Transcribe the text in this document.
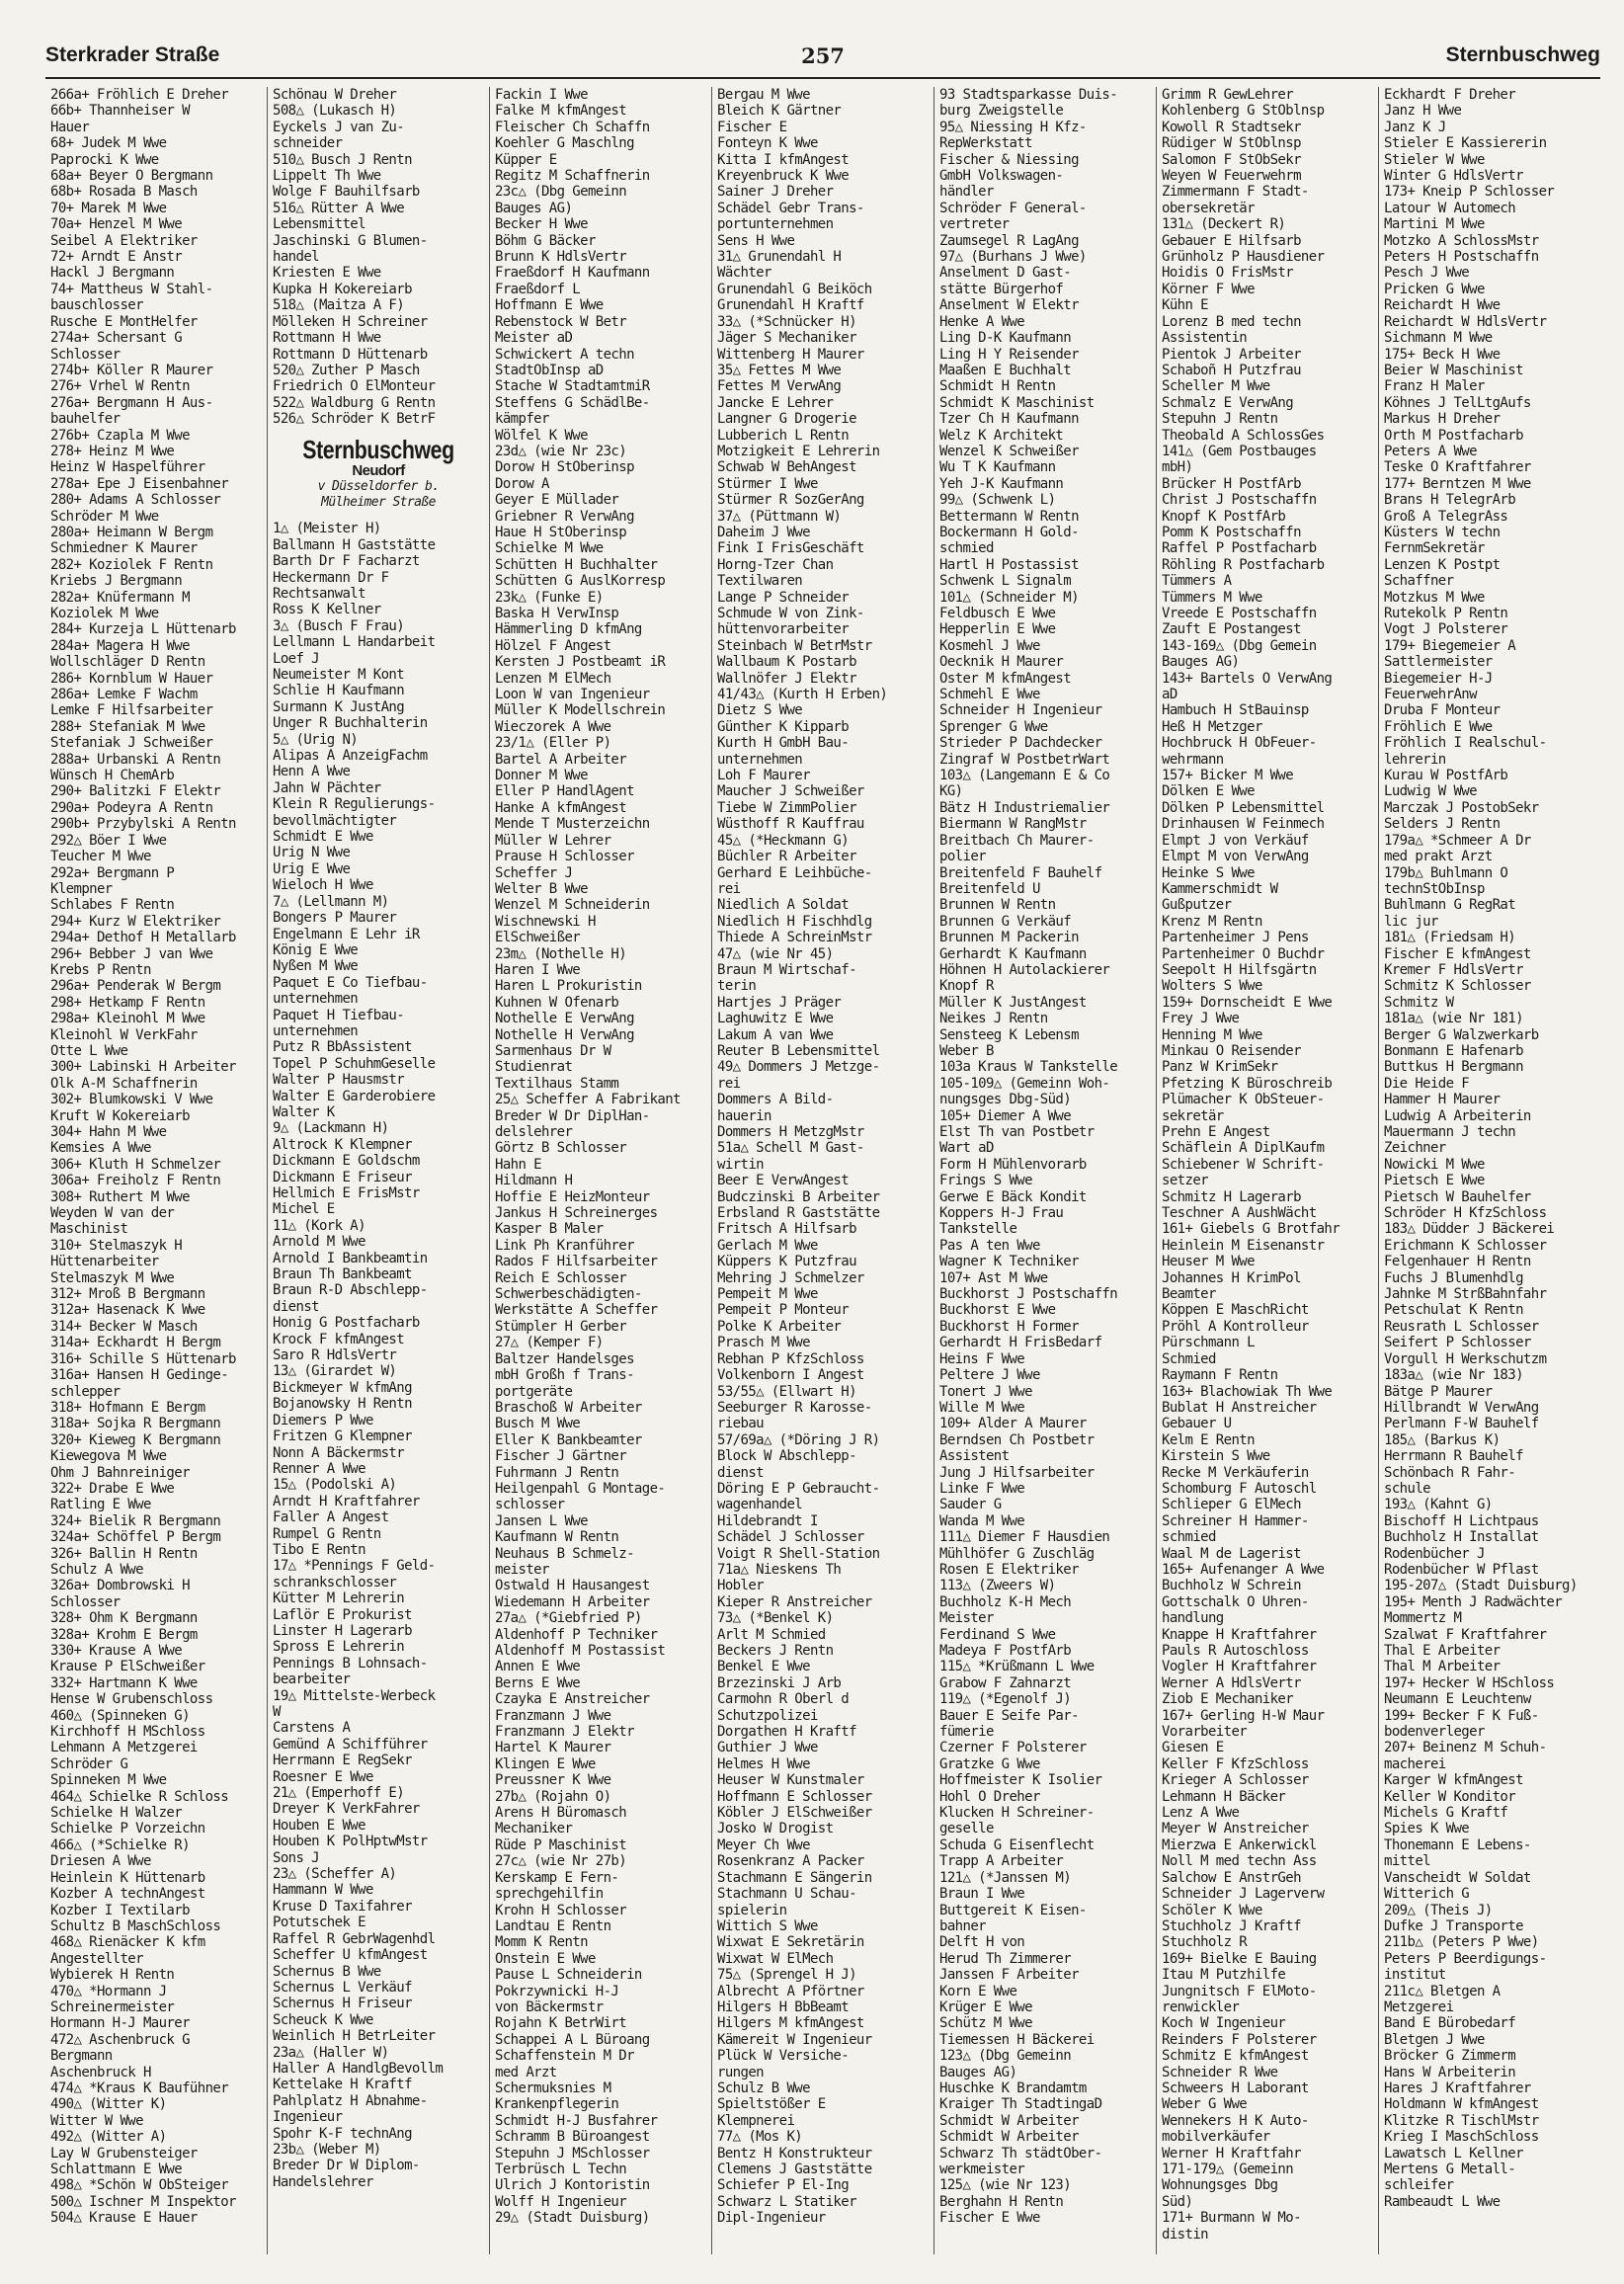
Sterkrader Straße	257	Sternbuschweg
266a+ Fröhlich E Dreher
66b+ Thannheiser W
Hauer
68+ Judek M Wwe
Paprocki K Wwe
68a+ Beyer O Bergmann
68b+ Rosada B Masch
70+ Marek M Wwe
70a+ Henzel M Wwe
Seibel A Elektriker
72+ Arndt E Anstr
Hackl J Bergmann
74+ Mattheus W Stahl-
bauschlosser
Rusche E MontHelfer
274a+ Schersant G
Schlosser
274b+ Köller R Maurer
276+ Vrhel W Rentn
276a+ Bergmann H Aus-
bauhelfer
276b+ Czapla M Wwe
278+ Heinz M Wwe
Heinz W Haspelführer
278a+ Epe J Eisenbahner
280+ Adams A Schlosser
Schröder M Wwe
280a+ Heimann W Bergm
Schmiedner K Maurer
282+ Koziolek F Rentn
Kriebs J Bergmann
282a+ Knüfermann M
Koziolek M Wwe
284+ Kurzeja L Hüttenarb
284a+ Magera H Wwe
Wollschläger D Rentn
286+ Kornblum W Hauer
286a+ Lemke F Wachm
Lemke F Hilfsarbeiter
288+ Stefaniak M Wwe
Stefaniak J Schweißer
288a+ Urbanski A Rentn
Wünsch H ChemArb
290+ Balitzki F Elektr
290a+ Podeyra A Rentn
290b+ Przybylski A Rentn
292△ Böer I Wwe
Teucher M Wwe
292a+ Bergmann P
Klempner
Schlabes F Rentn
294+ Kurz W Elektriker
294a+ Dethof H Metallarb
296+ Bebber J van Wwe
Krebs P Rentn
296a+ Penderak W Bergm
298+ Hetkamp F Rentn
298a+ Kleinohl M Wwe
Kleinohl W VerkFahr
Otte L Wwe
300+ Labinski H Arbeiter
Olk A-M Schaffnerin
302+ Blumkowski V Wwe
Kruft W Kokereiarb
304+ Hahn M Wwe
Kemsies A Wwe
306+ Kluth H Schmelzer
306a+ Freiholz F Rentn
308+ Ruthert M Wwe
Weyden W van der
Maschinist
310+ Stelmaszyk H
Hüttenarbeiter
Stelmaszyk M Wwe
312+ Mroß B Bergmann
312a+ Hasenack K Wwe
314+ Becker W Masch
314a+ Eckhardt H Bergm
316+ Schille S Hüttenarb
316a+ Hansen H Gedinge-
schlepper
318+ Hofmann E Bergm
318a+ Sojka R Bergmann
320+ Kieweg K Bergmann
Kiewegova M Wwe
Ohm J Bahnreiniger
322+ Drabe E Wwe
Ratling E Wwe
324+ Bielik R Bergmann
324a+ Schöffel P Bergm
326+ Ballin H Rentn
Schulz A Wwe
326a+ Dombrowski H
Schlosser
328+ Ohm K Bergmann
328a+ Krohm E Bergm
330+ Krause A Wwe
Krause P ElSchweißer
332+ Hartmann K Wwe
Hense W Grubenschloss
460△ (Spinneken G)
Kirchhoff H MSchloss
Lehmann A Metzgerei
Schröder G
Spinneken M Wwe
464△ Schielke R Schloss
Schielke H Walzer
Schielke P Vorzeichn
466△ (*Schielke R)
Driesen A Wwe
Heinlein K Hüttenarb
Kozber A technAngest
Kozber I Textilarb
Schultz B MaschSchloss
468△ Rienäcker K kfm
Angestellter
Wybierek H Rentn
470△ *Hormann J
Schreinermeister
Hormann H-J Maurer
472△ Aschenbruck G
Bergmann
Aschenbruck H
474△ *Kraus K Baufühner
490△ (Witter K)
Witter W Wwe
492△ (Witter A)
Lay W Grubensteiger
Schlattmann E Wwe
498△ *Schön W ObSteiger
500△ Ischner M Inspektor
504△ Krause E Hauer
Schönau W Dreher
508△ (Lukasch H)
Eyckels J van Zu-
schneider
510△ Busch J Rentn
Lippelt Th Wwe
Wolge F Bauhilfsarb
516△ Rütter A Wwe
Lebensmittel
Jaschinski G Blumen-
handel
Kriesten E Wwe
Kupka H Kokereiarb
518△ (Maitza A F)
Mölleken H Schreiner
Rottmann H Wwe
Rottmann D Hüttenarb
520△ Zuther P Masch
Friedrich O ElMonteur
522△ Waldburg G Rentn
526△ Schröder K BetrF
Sternbuschweg
Neudorf
v Düsseldorfer b.
Mülheimer Straße
1△ (Meister H)
Ballmann H Gaststätte
Barth Dr F Facharzt
Heckermann Dr F
Rechtsanwalt
Ross K Kellner
3△ (Busch F Frau)
Lellmann L Handarbeit
Loef J
Neumeister M Kont
Schlie H Kaufmann
Surmann K JustAng
Unger R Buchhalterin
5△ (Urig N)
Alipas A AnzeigFachm
Henn A Wwe
Jahn W Pächter
Klein R Regulierungs-
bevollmächtigter
Schmidt E Wwe
Urig N Wwe
Urig E Wwe
Wieloch H Wwe
7△ (Lellmann M)
Bongers P Maurer
Engelmann E Lehr iR
König E Wwe
Nyßen M Wwe
Paquet E Co Tiefbau-
unternehmen
Paquet H Tiefbau-
unternehmen
Putz R BbAssistent
Topel P SchuhmGeselle
Walter P Hausmstr
Walter E Garderobiere
Walter K
9△ (Lackmann H)
Altrock K Klempner
Dickmann E Goldschm
Dickmann E Friseur
Hellmich E FrisMstr
Michel E
11△ (Kork A)
Arnold M Wwe
Arnold I Bankbeamtin
Braun Th Bankbeamt
Braun R-D Abschlepp-
dienst
Honig G Postfacharb
Krock F kfmAngest
Saro R HdlsVertr
13△ (Girardet W)
Bickmeyer W kfmAng
Bojanowsky H Rentn
Diemers P Wwe
Fritzen G Klempner
Nonn A Bäckermstr
Renner A Wwe
15△ (Podolski A)
Arndt H Kraftfahrer
Faller A Angest
Rumpel G Rentn
Tibo E Rentn
17△ *Pennings F Geld-
schrankschlosser
Kütter M Lehrerin
Laflör E Prokurist
Linster H Lagerarb
Spross E Lehrerin
Pennings B Lohnsach-
bearbeiter
19△ Mittelste-Werbeck
W
Carstens A
Gemünd A Schifführer
Herrmann E RegSekr
Roesner E Wwe
21△ (Emperhoff E)
Dreyer K VerkFahrer
Houben E Wwe
Houben K PolHptwMstr
Sons J
23△ (Scheffer A)
Hammann W Wwe
Kruse D Taxifahrer
Potutschek E
Raffel R GebrWagenhdl
Scheffer U kfmAngest
Schernus B Wwe
Schernus L Verkäuf
Schernus H Friseur
Scheuck K Wwe
Weinlich H BetrLeiter
23a△ (Haller W)
Haller A HandlgBevollm
Kettelake H Kraftf
Pahlplatz H Abnahme-
Ingenieur
Spohr K-F technAng
23b△ (Weber M)
Breder Dr W Diplom-
Handelslehrer
Fackin I Wwe
Falke M kfmAngest
Fleischer Ch Schaffn
Koehler G Maschlng
Küpper E
Regitz M Schaffnerin
23c△ (Dbg Gemeinn
Bauges AG)
Becker H Wwe
Böhm G Bäcker
Brunn K HdlsVertr
Fraeßdorf H Kaufmann
Fraeßdorf L
Hoffmann E Wwe
Rebenstock W Betr
Meister aD
Schwickert A techn
StadtObInsp aD
Stache W StadtamtmiR
Steffens G SchädlBe-
kämpfer
Wölfel K Wwe
23d△ (wie Nr 23c)
Dorow H StOberinsp
Dorow A
Geyer E Müllader
Griebner R VerwAng
Haue H StOberinsp
Schielke M Wwe
Schütten H Buchhalter
Schütten G AuslKorresp
23k△ (Funke E)
Baska H VerwInsp
Hämmerling D kfmAng
Hölzel F Angest
Kersten J Postbeamt iR
Lenzen M ElMech
Loon W van Ingenieur
Müller K Modellschrein
Wieczorek A Wwe
23/1△ (Eller P)
Bartel A Arbeiter
Donner M Wwe
Eller P HandlAgent
Hanke A kfmAngest
Mende T Musterzeichn
Müller W Lehrer
Prause H Schlosser
Scheffer J
Welter B Wwe
Wenzel M Schneiderin
Wischnewski H
ElSchweißer
23m△ (Nothelle H)
Haren I Wwe
Haren L Prokuristin
Kuhnen W Ofenarb
Nothelle E VerwAng
Nothelle H VerwAng
Sarmenhaus Dr W
Studienrat
Textilhaus Stamm
25△ Scheffer A Fabrikant
Breder W Dr DiplHan-
delslehrer
Görtz B Schlosser
Hahn E
Hildmann H
Hoffie E HeizMonteur
Jankus H Schreinerges
Kasper B Maler
Link Ph Kranführer
Rados F Hilfsarbeiter
Reich E Schlosser
Schwerbeschädigten-
Werkstätte A Scheffer
Stümpler H Gerber
27△ (Kemper F)
Baltzer Handelsges
mbH Großh f Trans-
portgeräte
Braschoß W Arbeiter
Busch M Wwe
Eller K Bankbeamter
Fischer J Gärtner
Fuhrmann J Rentn
Heilgenpahl G Montage-
schlosser
Jansen L Wwe
Kaufmann W Rentn
Neuhaus B Schmelz-
meister
Ostwald H Hausangest
Wiedemann H Arbeiter
27a△ (*Giebfried P)
Aldenhoff P Techniker
Aldenhoff M Postassist
Annen E Wwe
Berns E Wwe
Czayka E Anstreicher
Franzmann J Wwe
Franzmann J Elektr
Hartel K Maurer
Klingen E Wwe
Preussner K Wwe
27b△ (Rojahn O)
Arens H Büromasch
Mechaniker
Rüde P Maschinist
27c△ (wie Nr 27b)
Kerskamp E Fern-
sprechgehilfin
Krohn H Schlosser
Landtau E Rentn
Momm K Rentn
Onstein E Wwe
Pause L Schneiderin
Pokrzywnicki H-J
von Bäckermstr
Rojahn K BetrWirt
Schappei A L Büroang
Schaffenstein M Dr
med Arzt
Schermuksnies M
Krankenpflegerin
Schmidt H-J Busfahrer
Schramm B Büroangest
Stepuhn J MSchlosser
Terbrüsch L Techn
Ulrich J Kontoristin
Wolff H Ingenieur
29△ (Stadt Duisburg)
Bergau M Wwe
Bleich K Gärtner
Fischer E
Fonteyn K Wwe
Kitta I kfmAngest
Kreyenbruck K Wwe
Sainer J Dreher
Schädel Gebr Trans-
portunternehmen
Sens H Wwe
31△ Grunendahl H
Wächter
Grunendahl G Beiköch
Grunendahl H Kraftf
33△ (*Schnücker H)
Jäger S Mechaniker
Wittenberg H Maurer
35△ Fettes M Wwe
Fettes M VerwAng
Jancke E Lehrer
Langner G Drogerie
Lubberich L Rentn
Motzigkeit E Lehrerin
Schwab W BehAngest
Stürmer I Wwe
Stürmer R SozGerAng
37△ (Püttmann W)
Daheim J Wwe
Fink I FrisGeschäft
Horng-Tzer Chan
Textilwaren
Lange P Schneider
Schmude W von Zink-
hüttenvorarbeiter
Steinbach W BetrMstr
Wallbaum K Postarb
Wallnöfer J Elektr
41/43△ (Kurth H Erben)
Dietz S Wwe
Günther K Kipparb
Kurth H GmbH Bau-
unternehmen
Loh F Maurer
Maucher J Schweißer
Tiebe W ZimmPolier
Wüsthoff R Kauffrau
45△ (*Heckmann G)
Büchler R Arbeiter
Gerhard E Leihbüche-
rei
Niedlich A Soldat
Niedlich H Fischhdlg
Thiede A SchreinMstr
47△ (wie Nr 45)
Braun M Wirtschaf-
terin
Hartjes J Präger
Laghuwitz E Wwe
Lakum A van Wwe
Reuter B Lebensmittel
49△ Dommers J Metzge-
rei
Dommers A Bild-
hauerin
Dommers H MetzgMstr
51a△ Schell M Gast-
wirtin
Beer E VerwAngest
Budczinski B Arbeiter
Erbsland R Gaststätte
Fritsch A Hilfsarb
Gerlach M Wwe
Küppers K Putzfrau
Mehring J Schmelzer
Pempeit M Wwe
Pempeit P Monteur
Polke K Arbeiter
Prasch M Wwe
Rebhan P KfzSchloss
Volkenborn I Angest
53/55△ (Ellwart H)
Seeburger R Karosse-
riebau
57/69a△ (*Döring J R)
Block W Abschlepp-
dienst
Döring E P Gebraucht-
wagenhandel
Hildebrandt I
Schädel J Schlosser
Voigt R Shell-Station
71a△ Nieskens Th
Hobler
Kieper R Anstreicher
73△ (*Benkel K)
Arlt M Schmied
Beckers J Rentn
Benkel E Wwe
Brzezinski J Arb
Carmohn R Oberl d
Schutzpolizei
Dorgathen H Kraftf
Guthier J Wwe
Helmes H Wwe
Heuser W Kunstmaler
Hoffmann E Schlosser
Köbler J ElSchweißer
Josko W Drogist
Meyer Ch Wwe
Rosenkranz A Packer
Stachmann E Sängerin
Stachmann U Schau-
spielerin
Wittich S Wwe
Wixwat E Sekretärin
Wixwat W ElMech
75△ (Sprengel H J)
Albrecht A Pförtner
Hilgers H BbBeamt
Hilgers M kfmAngest
Kämereit W Ingenieur
Plück W Versiche-
rungen
Schulz B Wwe
Spieltstößer E
Klempnerei
77△ (Mos K)
Bentz H Konstrukteur
Clemens J Gaststätte
Schiefer P El-Ing
Schwarz L Statiker
Dipl-Ingenieur
93 Stadtsparkasse Duis-
burg Zweigstelle
95△ Niessing H Kfz-
RepWerkstatt
Fischer & Niessing
GmbH Volkswagen-
händler
Schröder F General-
vertreter
Zaumsegel R LagAng
97△ (Burhans J Wwe)
Anselment D Gast-
stätte Bürgerhof
Anselment W Elektr
Henke A Wwe
Ling D-K Kaufmann
Ling H Y Reisender
Maaßen E Buchhalt
Schmidt H Rentn
Schmidt K Maschinist
Tzer Ch H Kaufmann
Welz K Architekt
Wenzel K Schweißer
Wu T K Kaufmann
Yeh J-K Kaufmann
99△ (Schwenk L)
Bettermann W Rentn
Bockermann H Gold-
schmied
Hartl H Postassist
Schwenk L Signalm
101△ (Schneider M)
Feldbusch E Wwe
Hepperlin E Wwe
Kosmehl J Wwe
Oecknik H Maurer
Oster M kfmAngest
Schmehl E Wwe
Schneider H Ingenieur
Sprenger G Wwe
Strieder P Dachdecker
Zingraf W PostbetrWart
103△ (Langemann E & Co
KG)
Bätz H Industriemalier
Biermann W RangMstr
Breitbach Ch Maurer-
polier
Breitenfeld F Bauhelf
Breitenfeld U
Brunnen W Rentn
Brunnen G Verkäuf
Brunnen M Packerin
Gerhardt K Kaufmann
Höhnen H Autolackierer
Knopf R
Müller K JustAngest
Neikes J Rentn
Sensteeg K Lebensm
Weber B
103a Kraus W Tankstelle
105-109△ (Gemeinn Woh-
nungsges Dbg-Süd)
105+ Diemer A Wwe
Elst Th van Postbetr
Wart aD
Form H Mühlenvorarb
Frings S Wwe
Gerwe E Bäck Kondit
Koppers H-J Frau
Tankstelle
Pas A ten Wwe
Wagner K Techniker
107+ Ast M Wwe
Buckhorst J Postschaffn
Buckhorst E Wwe
Buckhorst H Former
Gerhardt H FrisBedarf
Heins F Wwe
Peltere J Wwe
Tonert J Wwe
Wille M Wwe
109+ Alder A Maurer
Berndsen Ch Postbetr
Assistent
Jung J Hilfsarbeiter
Linke F Wwe
Sauder G
Wanda M Wwe
111△ Diemer F Hausdien
Mühlhöfer G Zuschläg
Rosen E Elektriker
113△ (Zweers W)
Buchholz K-H Mech
Meister
Ferdinand S Wwe
Madeya F PostfArb
115△ *Krüßmann L Wwe
Grabow F Zahnarzt
119△ (*Egenolf J)
Bauer E Seife Par-
fümerie
Czerner F Polsterer
Gratzke G Wwe
Hoffmeister K Isolier
Hohl O Dreher
Klucken H Schreiner-
geselle
Schuda G Eisenflecht
Trapp A Arbeiter
121△ (*Janssen M)
Braun I Wwe
Buttgereit K Eisen-
bahner
Delft H von
Herud Th Zimmerer
Janssen F Arbeiter
Korn E Wwe
Krüger E Wwe
Schütz M Wwe
Tiemessen H Bäckerei
123△ (Dbg Gemeinn
Bauges AG)
Huschke K Brandamtm
Kraiger Th StadtingaD
Schmidt W Arbeiter
Schmidt W Arbeiter
Schwarz Th städtOber-
werkmeister
125△ (wie Nr 123)
Berghahn H Rentn
Fischer E Wwe
Grimm R GewLehrer
Kohlenberg G StOblnsp
Kowoll R Stadtsekr
Rüdiger W StOblnsp
Salomon F StObSekr
Weyen W Feuerwehrm
Zimmermann F Stadt-
obersekretär
131△ (Deckert R)
Gebauer E Hilfsarb
Grünholz P Hausdiener
Hoidis O FrisMstr
Körner F Wwe
Kühn E
Lorenz B med techn
Assistentin
Pientok J Arbeiter
Schaboñ H Putzfrau
Scheller M Wwe
Schmalz E VerwAng
Stepuhn J Rentn
Theobald A SchlossGes
141△ (Gem Postbauges
mbH)
Brücker H PostfArb
Christ J Postschaffn
Knopf K PostfArb
Pomm K Postschaffn
Raffel P Postfacharb
Röhling R Postfacharb
Tümmers A
Tümmers M Wwe
Vreede E Postschaffn
Zauft E Postangest
143-169△ (Dbg Gemein
Bauges AG)
143+ Bartels O VerwAng
aD
Hambuch H StBauinsp
Heß H Metzger
Hochbruck H ObFeuer-
wehrmann
157+ Bicker M Wwe
Dölken E Wwe
Dölken P Lebensmittel
Drinhausen W Feinmech
Elmpt J von Verkäuf
Elmpt M von VerwAng
Heinke S Wwe
Kammerschmidt W
Gußputzer
Krenz M Rentn
Partenheimer J Pens
Partenheimer O Buchdr
Seepolt H Hilfsgärtn
Wolters S Wwe
159+ Dornscheidt E Wwe
Frey J Wwe
Henning M Wwe
Minkau O Reisender
Panz W KrimSekr
Pfetzing K Büroschreib
Plümacher K ObSteuer-
sekretär
Prehn E Angest
Schäflein A DiplKaufm
Schiebener W Schrift-
setzer
Schmitz H Lagerarb
Teschner A AushWächt
161+ Giebels G Brotfahr
Heinlein M Eisenanstr
Heuser M Wwe
Johannes H KrimPol
Beamter
Köppen E MaschRicht
Pröhl A Kontrolleur
Pürschmann L
Schmied
Raymann F Rentn
163+ Blachowiak Th Wwe
Bublat H Anstreicher
Gebauer U
Kelm E Rentn
Kirstein S Wwe
Recke M Verkäuferin
Schomburg F Autoschl
Schlieper G ElMech
Schreiner H Hammer-
schmied
Waal M de Lagerist
165+ Aufenanger A Wwe
Buchholz W Schrein
Gottschalk O Uhren-
handlung
Knappe H Kraftfahrer
Pauls R Autoschloss
Vogler H Kraftfahrer
Werner A HdlsVertr
Ziob E Mechaniker
167+ Gerling H-W Maur
Vorarbeiter
Giesen E
Keller F KfzSchloss
Krieger A Schlosser
Lehmann H Bäcker
Lenz A Wwe
Meyer W Anstreicher
Mierzwa E Ankerwickl
Noll M med techn Ass
Salchow E AnstrGeh
Schneider J Lagerverw
Schöler K Wwe
Stuchholz J Kraftf
Stuchholz R
169+ Bielke E Bauing
Itau M Putzhilfe
Jungnitsch F ElMoto-
renwickler
Koch W Ingenieur
Reinders F Polsterer
Schmitz E kfmAngest
Schneider R Wwe
Schweers H Laborant
Weber G Wwe
Wennekers H K Auto-
mobilverkäufer
Werner H Kraftfahr
171-179△ (Gemeinn
Wohnungsges Dbg
Süd)
171+ Burmann W Mo-
distin
Eckhardt F Dreher
Janz H Wwe
Janz K J
Stieler E Kassiererin
Stieler W Wwe
Winter G HdlsVertr
173+ Kneip P Schlosser
Latour W Automech
Martini M Wwe
Motzko A SchlossMstr
Peters H Postschaffn
Pesch J Wwe
Pricken G Wwe
Reichardt H Wwe
Reichardt W HdlsVertr
Sichmann M Wwe
175+ Beck H Wwe
Beier W Maschinist
Franz H Maler
Köhnes J TelLtgAufs
Markus H Dreher
Orth M Postfacharb
Peters A Wwe
Teske O Kraftfahrer
177+ Berntzen M Wwe
Brans H TelegrArb
Groß A TelegrAss
Küsters W techn
FernmSekretär
Lenzen K Postpt
Schaffner
Motzkus M Wwe
Rutekolk P Rentn
Vogt J Polsterer
179+ Biegemeier A
Sattlermeister
Biegemeier H-J
FeuerwehrAnw
Druba F Monteur
Fröhlich E Wwe
Fröhlich I Realschul-
lehrerin
Kurau W PostfArb
Ludwig W Wwe
Marczak J PostobSekr
Selders J Rentn
179a△ *Schmeer A Dr
med prakt Arzt
179b△ Buhlmann O
technStObInsp
Buhlmann G RegRat
lic jur
181△ (Friedsam H)
Fischer E kfmAngest
Kremer F HdlsVertr
Schmitz K Schlosser
Schmitz W
181a△ (wie Nr 181)
Berger G Walzwerkarb
Bonmann E Hafenarb
Buttkus H Bergmann
Die Heide F
Hammer H Maurer
Ludwig A Arbeiterin
Mauermann J techn
Zeichner
Nowicki M Wwe
Pietsch E Wwe
Pietsch W Bauhelfer
Schröder H KfzSchloss
183△ Düdder J Bäckerei
Erichmann K Schlosser
Felgenhauer H Rentn
Fuchs J Blumenhdlg
Jahnke M StrßBahnfahr
Petschulat K Rentn
Reusrath L Schlosser
Seifert P Schlosser
Vorgull H Werkschutzm
183a△ (wie Nr 183)
Bätge P Maurer
Hillbrandt W VerwAng
Perlmann F-W Bauhelf
185△ (Barkus K)
Herrmann R Bauhelf
Schönbach R Fahr-
schule
193△ (Kahnt G)
Bischoff H Lichtpaus
Buchholz H Installat
Rodenbücher J
Rodenbücher W Pflast
195-207△ (Stadt Duisburg)
195+ Menth J Radwächter
Mommertz M
Szalwat F Kraftfahrer
Thal E Arbeiter
Thal M Arbeiter
197+ Hecker W HSchloss
Neumann E Leuchtenw
199+ Becker F K Fuß-
bodenverleger
207+ Beinenz M Schuh-
macherei
Karger W kfmAngest
Keller W Konditor
Michels G Kraftf
Spies K Wwe
Thonemann E Lebens-
mittel
Vanscheidt W Soldat
Witterich G
209△ (Theis J)
Dufke J Transporte
211b△ (Peters P Wwe)
Peters P Beerdigungs-
institut
211c△ Bletgen A
Metzgerei
Band E Bürobedarf
Bletgen J Wwe
Bröcker G Zimmerm
Hans W Arbeiterin
Hares J Kraftfahrer
Holdmann W kfmAngest
Klitzke R TischlMstr
Krieg I MaschSchloss
Lawatsch L Kellner
Mertens G Metall-
schleifer
Rambeaudt L Wwe
